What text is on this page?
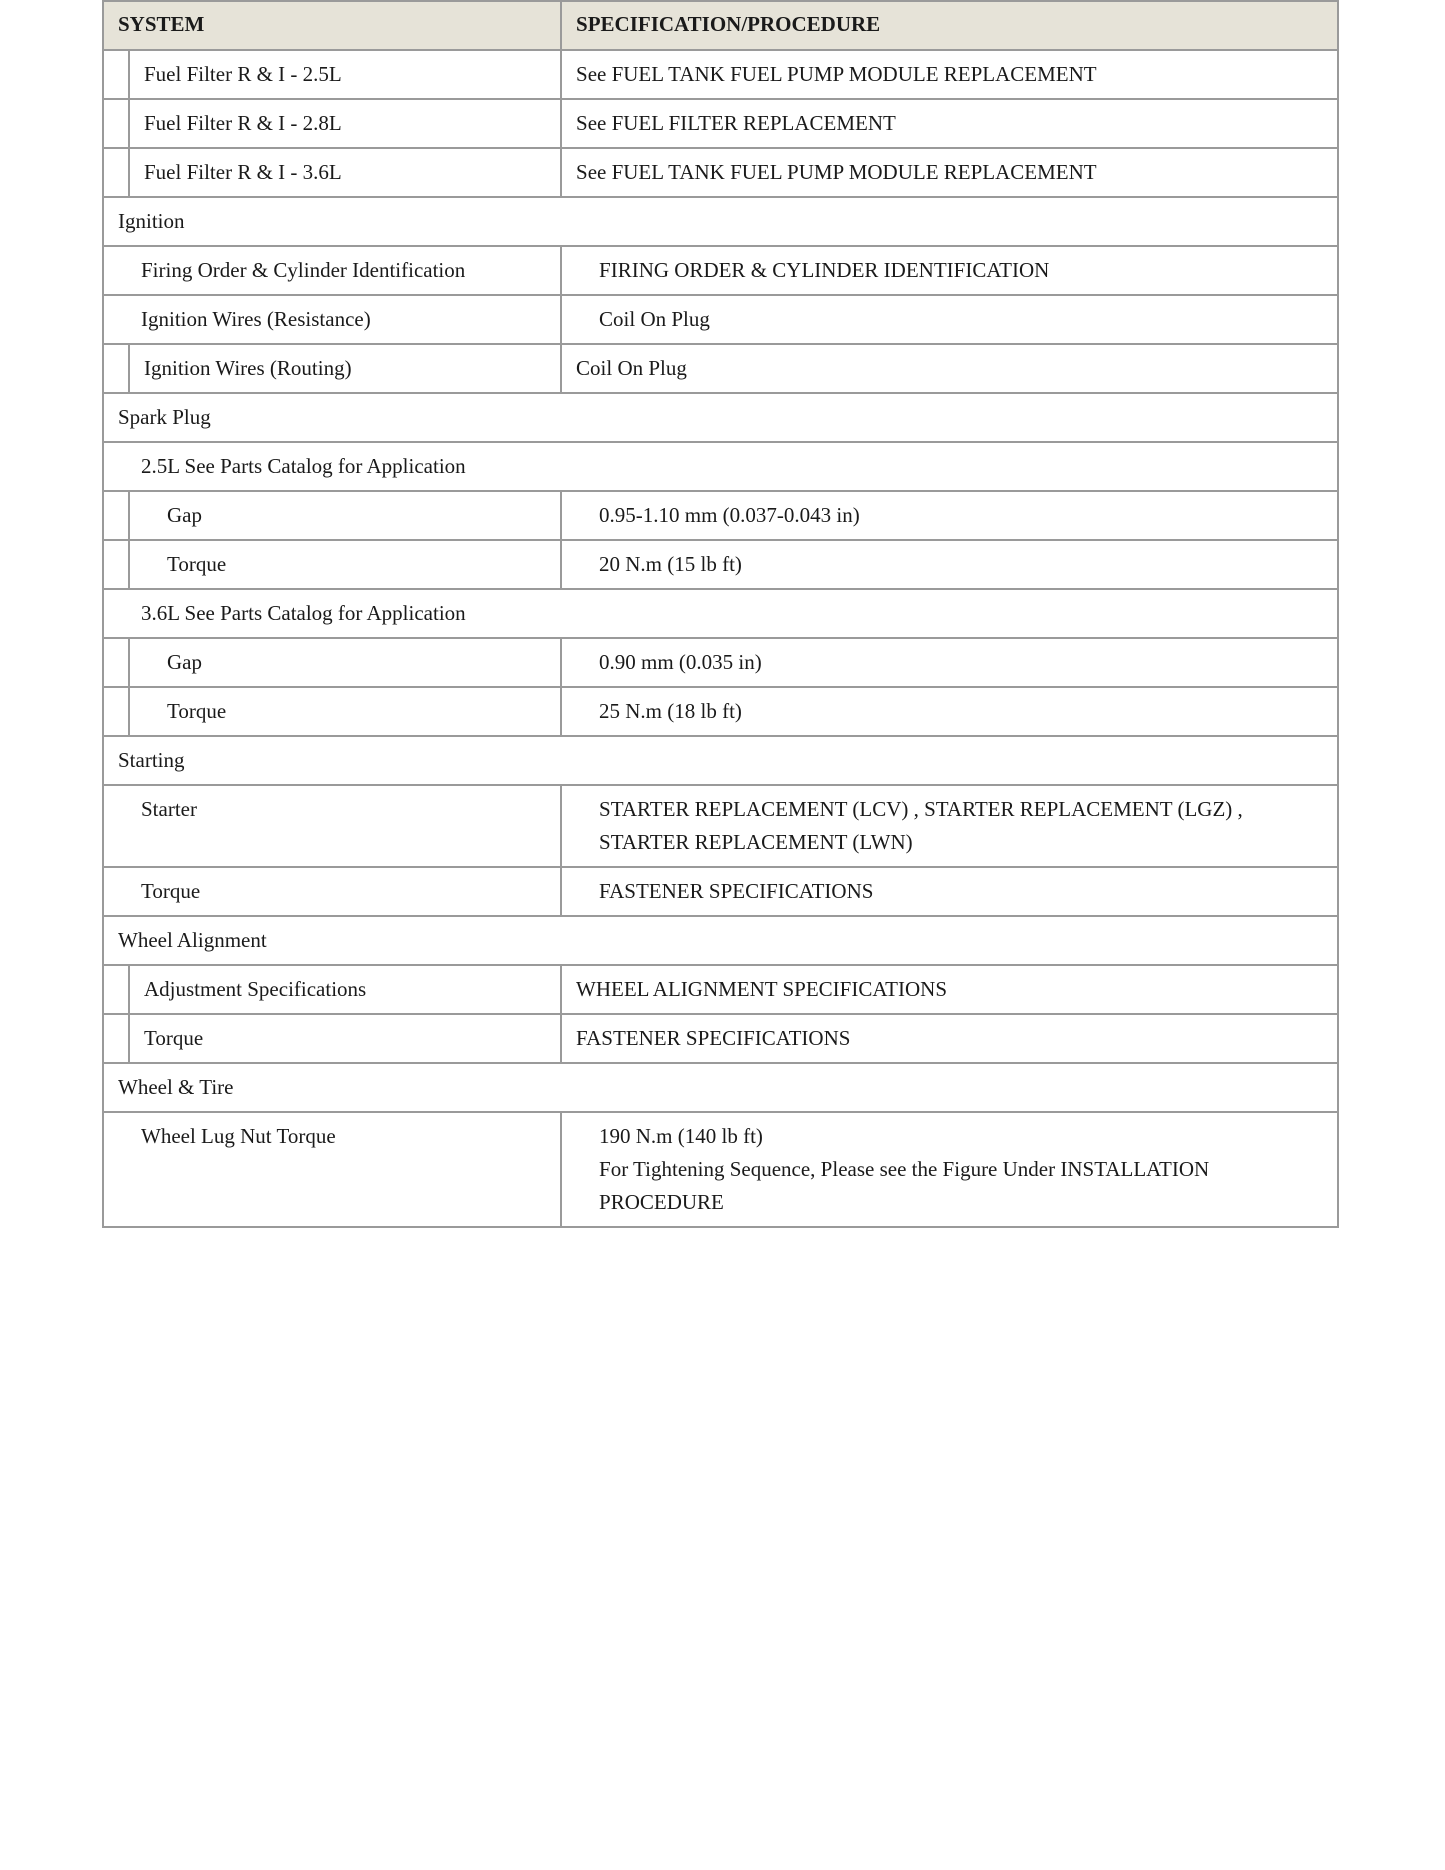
SYSTEM		SPECIFICATION/PROCEDURE
	Fuel Filter R & I - 2.5L	See FUEL TANK FUEL PUMP MODULE REPLACEMENT
	Fuel Filter R & I - 2.8L	See FUEL FILTER REPLACEMENT
	Fuel Filter R & I - 3.6L	See FUEL TANK FUEL PUMP MODULE REPLACEMENT
Ignition		
Firing Order & Cylinder Identification		FIRING ORDER & CYLINDER IDENTIFICATION
Ignition Wires (Resistance)		Coil On Plug
	Ignition Wires (Routing)	Coil On Plug
Spark Plug		
2.5L See Parts Catalog for Application		
	Gap	0.95-1.10 mm (0.037-0.043 in)
	Torque	20 N.m (15 lb ft)
3.6L See Parts Catalog for Application		
	Gap	0.90 mm (0.035 in)
	Torque	25 N.m (18 lb ft)
Starting		
Starter		STARTER REPLACEMENT (LCV) , STARTER REPLACEMENT (LGZ) , STARTER REPLACEMENT (LWN)
Torque		FASTENER SPECIFICATIONS
Wheel Alignment		
	Adjustment Specifications	WHEEL ALIGNMENT SPECIFICATIONS
	Torque	FASTENER SPECIFICATIONS
Wheel & Tire		
Wheel Lug Nut Torque		190 N.m (140 lb ft)
For Tightening Sequence, Please see the Figure Under INSTALLATION PROCEDURE
